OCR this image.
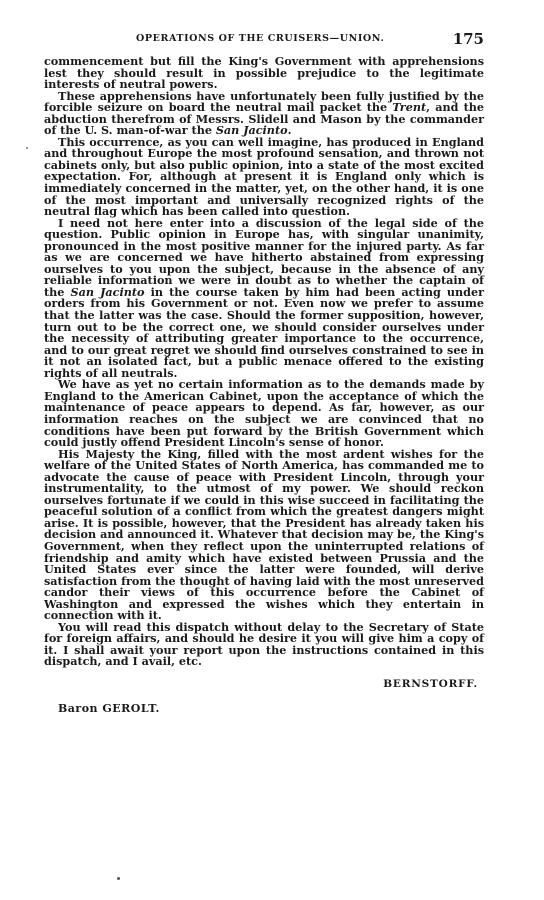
OPERATIONS OF THE CRUISERS—UNION.	175

commencement but fill the King's Government with apprehensions lest they should result in possible prejudice to the legitimate interests of neutral powers.

These apprehensions have unfortunately been fully justified by the forcible seizure on board the neutral mail packet the Trent, and the abduction therefrom of Messrs. Slidell and Mason by the commander of the U. S. man-of-war the San Jacinto.

This occurrence, as you can well imagine, has produced in England and throughout Europe the most profound sensation, and thrown not cabinets only, but also public opinion, into a state of the most excited expectation. For, although at present it is England only which is immediately concerned in the matter, yet, on the other hand, it is one of the most important and universally recognized rights of the neutral flag which has been called into question.

I need not here enter into a discussion of the legal side of the question. Public opinion in Europe has, with singular unanimity, pronounced in the most positive manner for the injured party. As far as we are concerned we have hitherto abstained from expressing ourselves to you upon the subject, because in the absence of any reliable information we were in doubt as to whether the captain of the San Jacinto in the course taken by him had been acting under orders from his Government or not. Even now we prefer to assume that the latter was the case. Should the former supposition, however, turn out to be the correct one, we should consider ourselves under the necessity of attributing greater importance to the occurrence, and to our great regret we should find ourselves constrained to see in it not an isolated fact, but a public menace offered to the existing rights of all neutrals.

We have as yet no certain information as to the demands made by England to the American Cabinet, upon the acceptance of which the maintenance of peace appears to depend. As far, however, as our information reaches on the subject we are convinced that no conditions have been put forward by the British Government which could justly offend President Lincoln's sense of honor.

His Majesty the King, filled with the most ardent wishes for the welfare of the United States of North America, has commanded me to advocate the cause of peace with President Lincoln, through your instrumentality, to the utmost of my power. We should reckon ourselves fortunate if we could in this wise succeed in facilitating the peaceful solution of a conflict from which the greatest dangers might arise. It is possible, however, that the President has already taken his decision and announced it. Whatever that decision may be, the King's Government, when they reflect upon the uninterrupted relations of friendship and amity which have existed between Prussia and the United States ever since the latter were founded, will derive satisfaction from the thought of having laid with the most unreserved candor their views of this occurrence before the Cabinet of Washington and expressed the wishes which they entertain in connection with it.

You will read this dispatch without delay to the Secretary of State for foreign affairs, and should he desire it you will give him a copy of it. I shall await your report upon the instructions contained in this dispatch, and I avail, etc.

BERNSTORFF.
Baron GEROLT.
